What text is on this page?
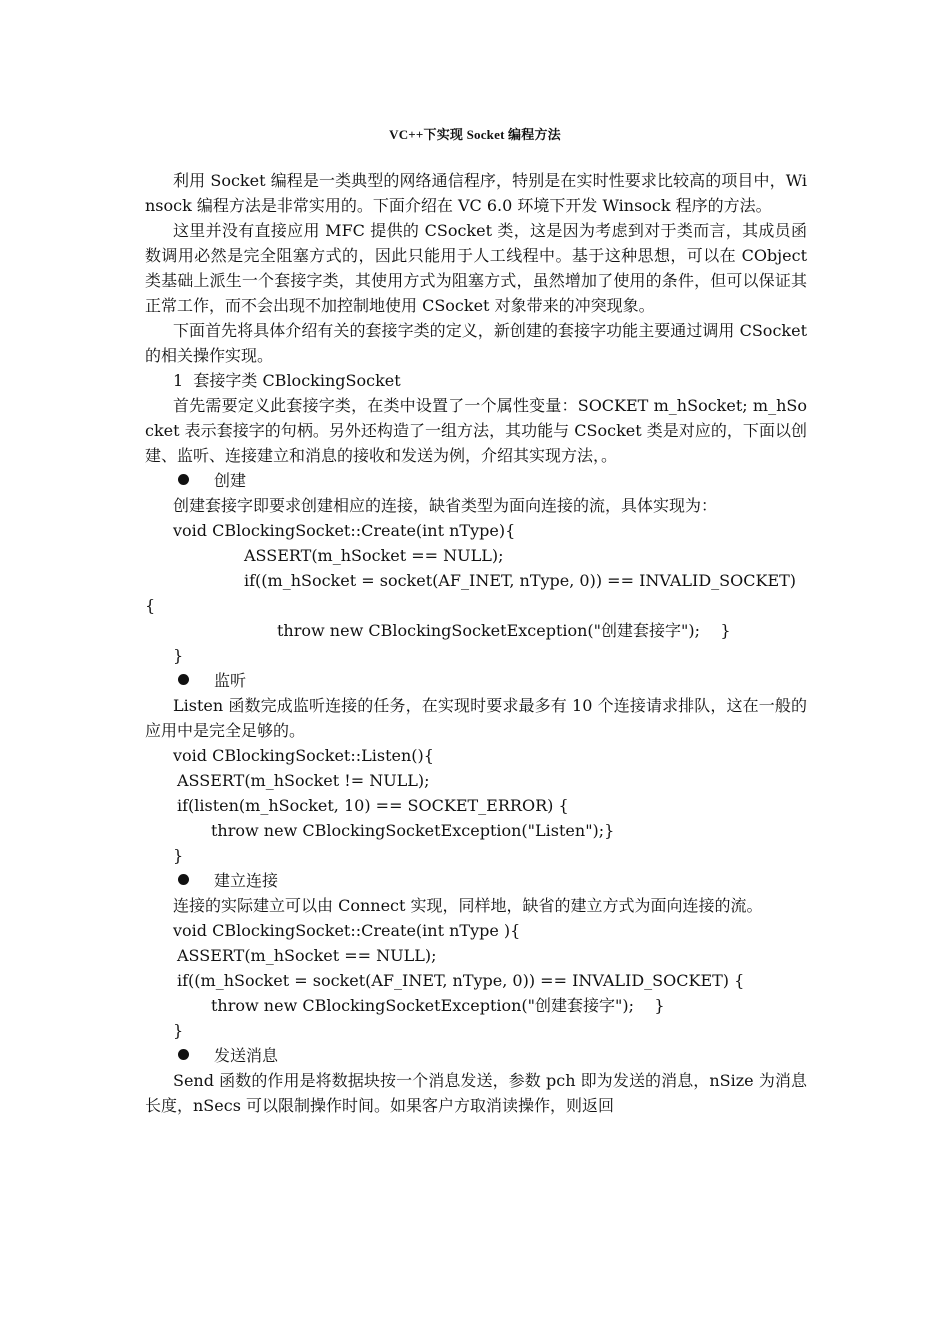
VC++下实现 Socket 编程方法

利用 Socket 编程是一类典型的网络通信程序，特别是在实时性要求比较高的项目中，Winsock 编程方法是非常实用的。下面介绍在 VC 6.0 环境下开发 Winsock 程序的方法。

这里并没有直接应用 MFC 提供的 CSocket 类，这是因为考虑到对于类而言，其成员函数调用必然是完全阻塞方式的，因此只能用于人工线程中。基于这种思想，可以在 CObject 类基础上派生一个套接字类，其使用方式为阻塞方式，虽然增加了使用的条件，但可以保证其正常工作，而不会出现不加控制地使用 CSocket 对象带来的冲突现象。

下面首先将具体介绍有关的套接字类的定义，新创建的套接字功能主要通过调用 CSocket 的相关操作实现。

1  套接字类 CBlockingSocket

首先需要定义此套接字类，在类中设置了一个属性变量：SOCKET m_hSocket; m_hSocket 表示套接字的句柄。另外还构造了一组方法，其功能与 CSocket 类是对应的，下面以创建、监听、连接建立和消息的接收和发送为例，介绍其实现方法，。

创建

创建套接字即要求创建相应的连接，缺省类型为面向连接的流，具体实现为：

void CBlockingSocket::Create(int nType){

ASSERT(m_hSocket == NULL);

if((m_hSocket = socket(AF_INET, nType, 0)) == INVALID_SOCKET)

{

throw new CBlockingSocketException("创建套接字");    }

}

监听

Listen 函数完成监听连接的任务，在实现时要求最多有 10 个连接请求排队，这在一般的应用中是完全足够的。

void CBlockingSocket::Listen(){

ASSERT(m_hSocket != NULL);

if(listen(m_hSocket, 10) == SOCKET_ERROR) {

throw new CBlockingSocketException("Listen");}

}

建立连接

连接的实际建立可以由 Connect 实现，同样地，缺省的建立方式为面向连接的流。

void CBlockingSocket::Create(int nType ){

ASSERT(m_hSocket == NULL);

if((m_hSocket = socket(AF_INET, nType, 0)) == INVALID_SOCKET) {

throw new CBlockingSocketException("创建套接字");    }

}

发送消息

Send 函数的作用是将数据块按一个消息发送，参数 pch 即为发送的消息，nSize 为消息长度，nSecs 可以限制操作时间。如果客户方取消读操作，则返回
